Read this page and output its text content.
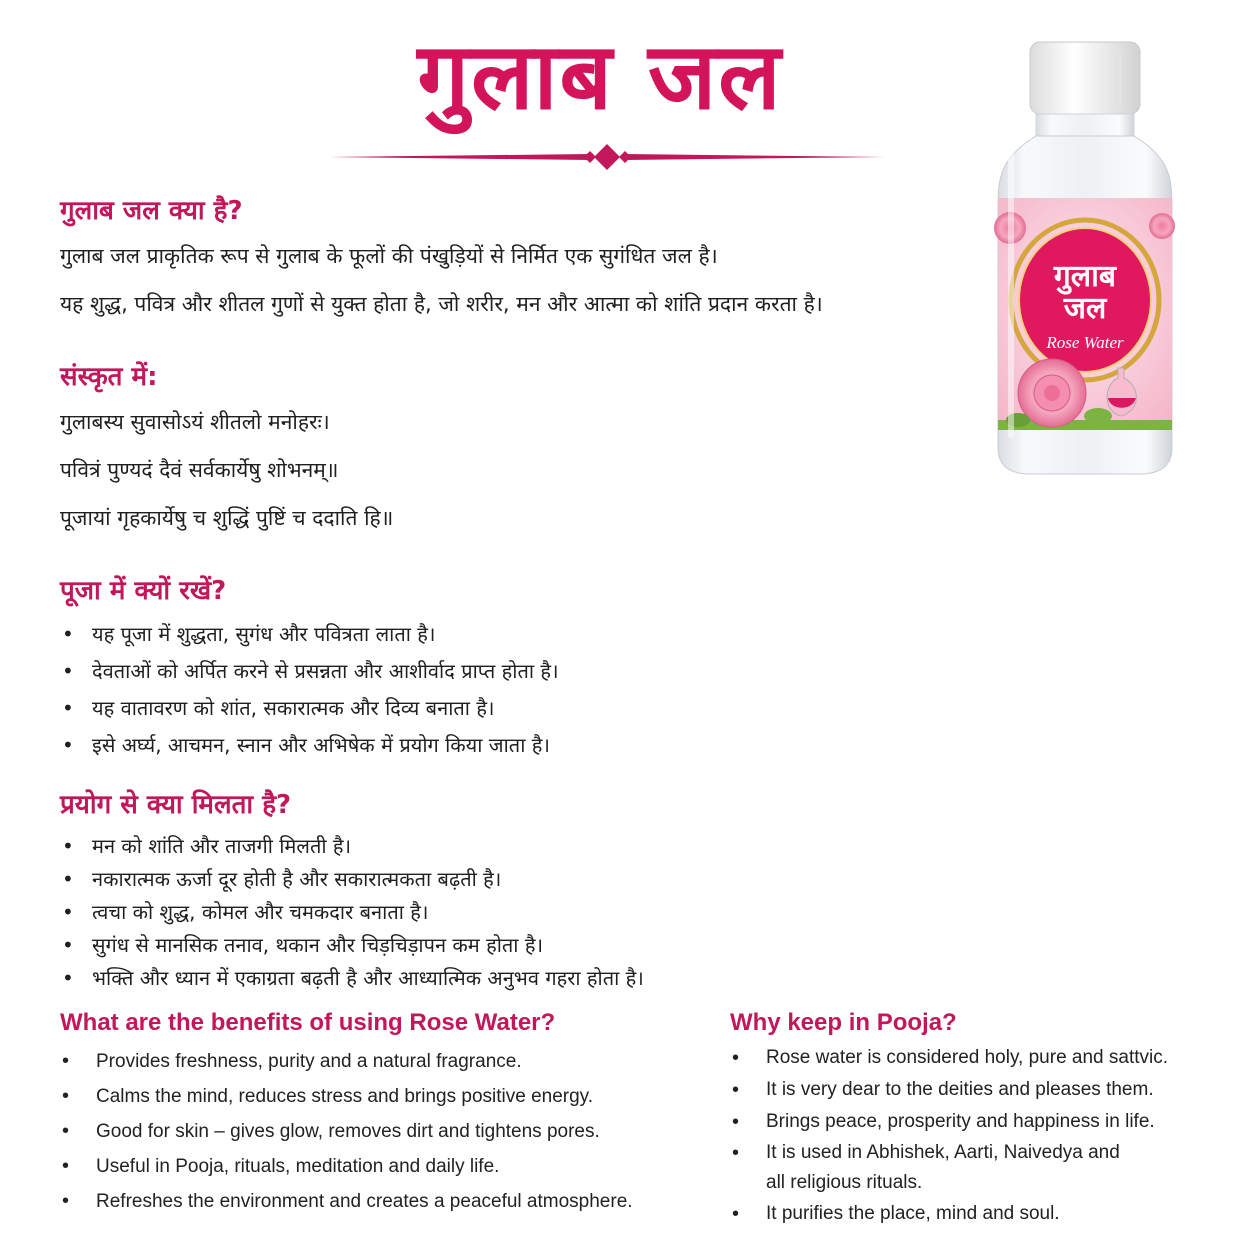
गुलाब जल
गुलाब जल क्या है?

गुलाब जल प्राकृतिक रूप से गुलाब के फूलों की पंखुड़ियों से निर्मित एक सुगंधित जल है।

यह शुद्ध, पवित्र और शीतल गुणों से युक्त होता है, जो शरीर, मन और आत्मा को शांति प्रदान करता है।

संस्कृत में:

गुलाबस्य सुवासोऽयं शीतलो मनोहरः।

पवित्रं पुण्यदं दैवं सर्वकार्येषु शोभनम्॥

पूजायां गृहकार्येषु च शुद्धिं पुष्टिं च ददाति हि॥

पूजा में क्यों रखें?
• यह पूजा में शुद्धता, सुगंध और पवित्रता लाता है।
• देवताओं को अर्पित करने से प्रसन्नता और आशीर्वाद प्राप्त होता है।
• यह वातावरण को शांत, सकारात्मक और दिव्य बनाता है।
• इसे अर्घ्य, आचमन, स्नान और अभिषेक में प्रयोग किया जाता है।
प्रयोग से क्या मिलता है?
• मन को शांति और ताजगी मिलती है।
• नकारात्मक ऊर्जा दूर होती है और सकारात्मकता बढ़ती है।
• त्वचा को शुद्ध, कोमल और चमकदार बनाता है।
• सुगंध से मानसिक तनाव, थकान और चिड़चिड़ापन कम होता है।
• भक्ति और ध्यान में एकाग्रता बढ़ती है और आध्यात्मिक अनुभव गहरा होता है।
What are the benefits of using Rose Water?
• Provides freshness, purity and a natural fragrance.
• Calms the mind, reduces stress and brings positive energy.
• Good for skin – gives glow, removes dirt and tightens pores.
• Useful in Pooja, rituals, meditation and daily life.
• Refreshes the environment and creates a peaceful atmosphere.
Why keep in Pooja?
• Rose water is considered holy, pure and sattvic.
• It is very dear to the deities and pleases them.
• Brings peace, prosperity and happiness in life.
• It is used in Abhishek, Aarti, Naivedya and all religious rituals.
• It purifies the place, mind and soul.
गुलाब
जल
Rose Water
